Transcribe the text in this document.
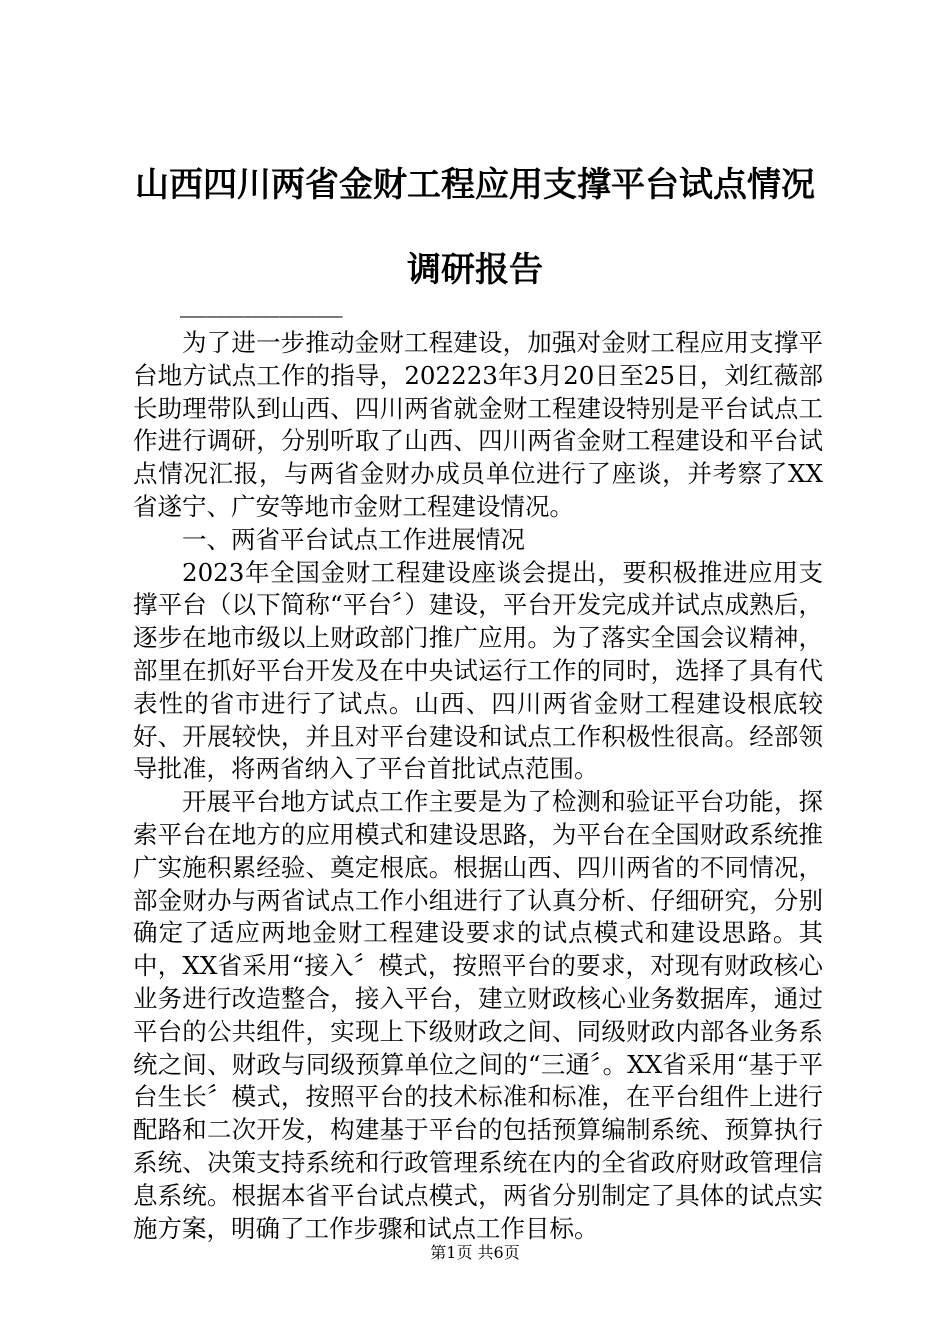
山西四川两省金财工程应用支撑平台试点情况
调研报告
——————————————————

为了进一步推动金财工程建设，加强对金财工程应用支撑平台地方试点工作的指导，202223年3月20日至25日，刘红薇部长助理带队到山西、四川两省就金财工程建设特别是平台试点工作进行调研，分别听取了山西、四川两省金财工程建设和平台试点情况汇报，与两省金财办成员单位进行了座谈，并考察了XX省遂宁、广安等地市金财工程建设情况。

一、两省平台试点工作进展情况

2023年全国金财工程建设座谈会提出，要积极推进应用支撑平台（以下简称“平台〞）建设，平台开发完成并试点成熟后，逐步在地市级以上财政部门推广应用。为了落实全国会议精神，部里在抓好平台开发及在中央试运行工作的同时，选择了具有代表性的省市进行了试点。山西、四川两省金财工程建设根底较好、开展较快，并且对平台建设和试点工作积极性很高。经部领导批准，将两省纳入了平台首批试点范围。

开展平台地方试点工作主要是为了检测和验证平台功能，探索平台在地方的应用模式和建设思路，为平台在全国财政系统推广实施积累经验、奠定根底。根据山西、四川两省的不同情况，部金财办与两省试点工作小组进行了认真分析、仔细研究，分别确定了适应两地金财工程建设要求的试点模式和建设思路。其中，XX省采用“接入〞模式，按照平台的要求，对现有财政核心业务进行改造整合，接入平台，建立财政核心业务数据库，通过平台的公共组件，实现上下级财政之间、同级财政内部各业务系统之间、财政与同级预算单位之间的“三通〞。XX省采用“基于平台生长〞模式，按照平台的技术标准和标准，在平台组件上进行配路和二次开发，构建基于平台的包括预算编制系统、预算执行系统、决策支持系统和行政管理系统在内的全省政府财政管理信息系统。根据本省平台试点模式，两省分别制定了具体的试点实施方案，明确了工作步骤和试点工作目标。

第1页 共6页
